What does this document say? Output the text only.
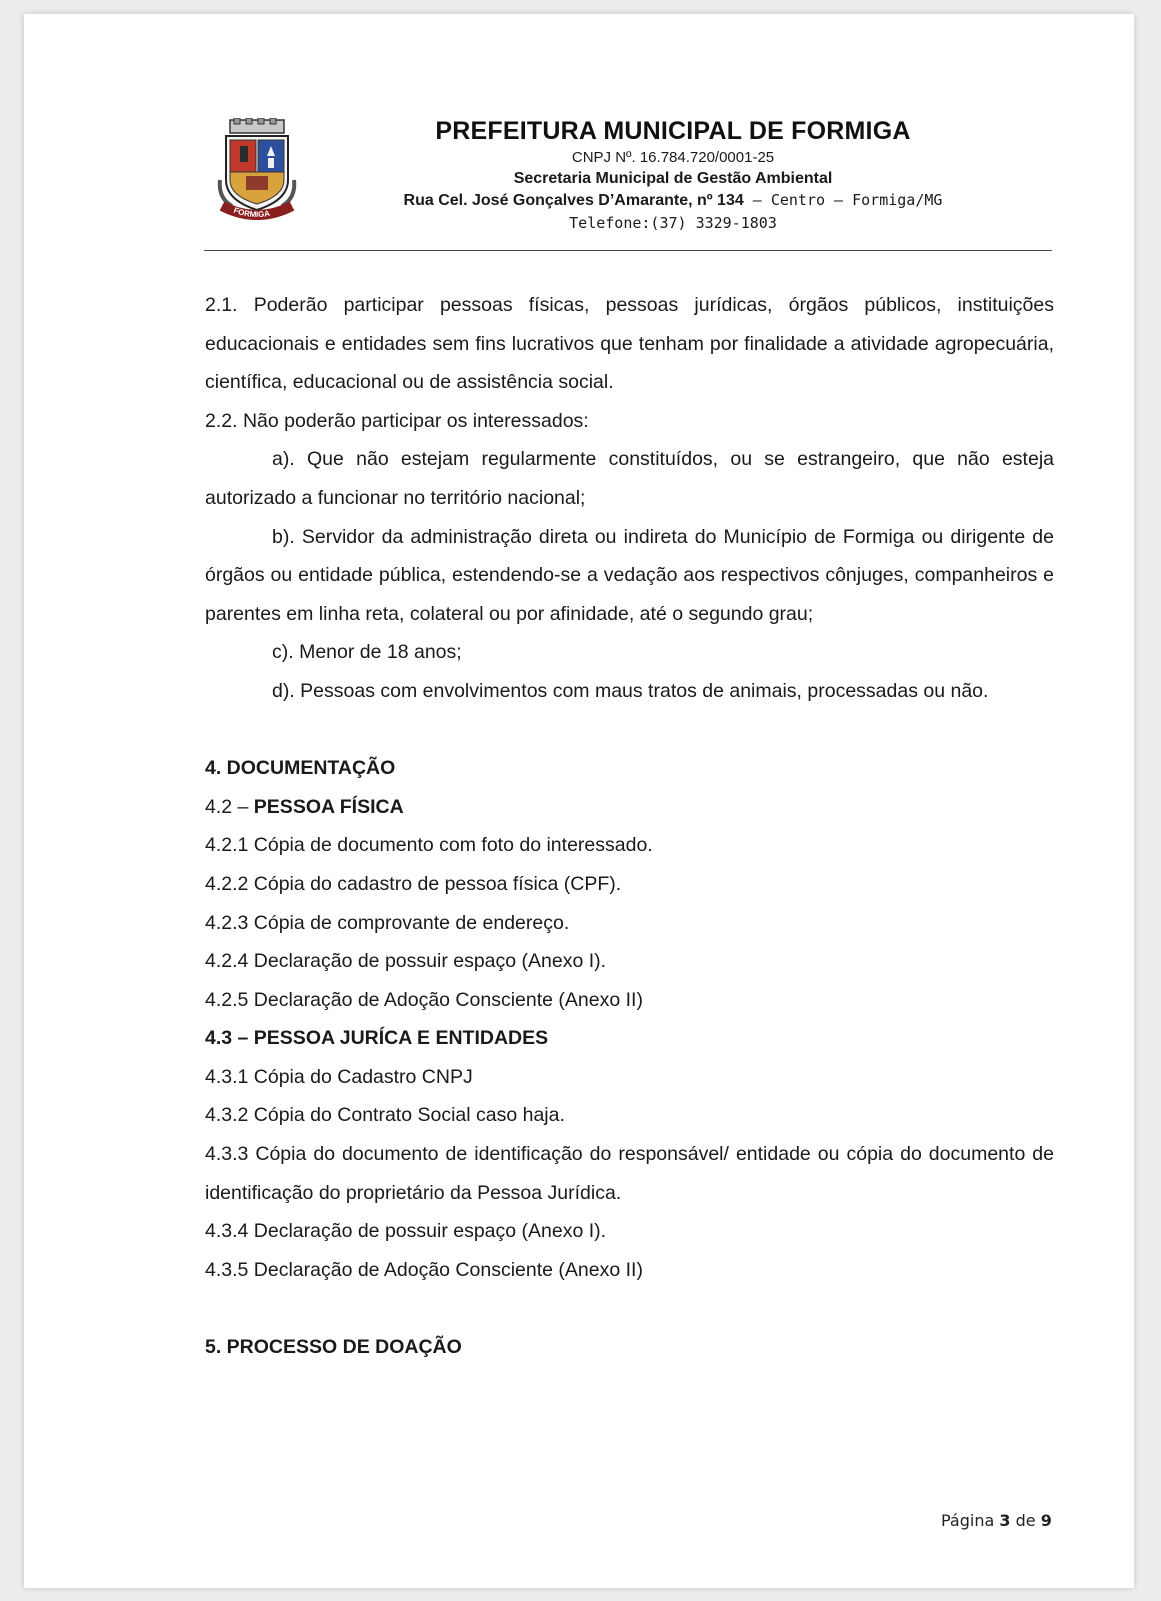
FORMIGA
PREFEITURA MUNICIPAL DE FORMIGA
CNPJ Nº. 16.784.720/0001-25
Secretaria Municipal de Gestão Ambiental
Rua Cel. José Gonçalves D’Amarante, nº 134 – Centro – Formiga/MG
Telefone:(37) 3329-1803

2.1. Poderão participar pessoas físicas, pessoas jurídicas, órgãos públicos, instituições educacionais e entidades sem fins lucrativos que tenham por finalidade a atividade agropecuária, científica, educacional ou de assistência social.

2.2. Não poderão participar os interessados:

a). Que não estejam regularmente constituídos, ou se estrangeiro, que não esteja autorizado a funcionar no território nacional;

b). Servidor da administração direta ou indireta do Município de Formiga ou dirigente de órgãos ou entidade pública, estendendo-se a vedação aos respectivos cônjuges, companheiros e parentes em linha reta, colateral ou por afinidade, até o segundo grau;

c). Menor de 18 anos;

d). Pessoas com envolvimentos com maus tratos de animais, processadas ou não.

4. DOCUMENTAÇÃO

4.2 – PESSOA FÍSICA

4.2.1 Cópia de documento com foto do interessado.

4.2.2 Cópia do cadastro de pessoa física (CPF).

4.2.3 Cópia de comprovante de endereço.

4.2.4 Declaração de possuir espaço (Anexo I).

4.2.5 Declaração de Adoção Consciente (Anexo II)

4.3 – PESSOA JURÍCA E ENTIDADES

4.3.1 Cópia do Cadastro CNPJ

4.3.2 Cópia do Contrato Social caso haja.

4.3.3 Cópia do documento de identificação do responsável/ entidade ou cópia do documento de identificação do proprietário da Pessoa Jurídica.

4.3.4 Declaração de possuir espaço (Anexo I).

4.3.5 Declaração de Adoção Consciente (Anexo II)

5. PROCESSO DE DOAÇÃO

Página 3 de 9
